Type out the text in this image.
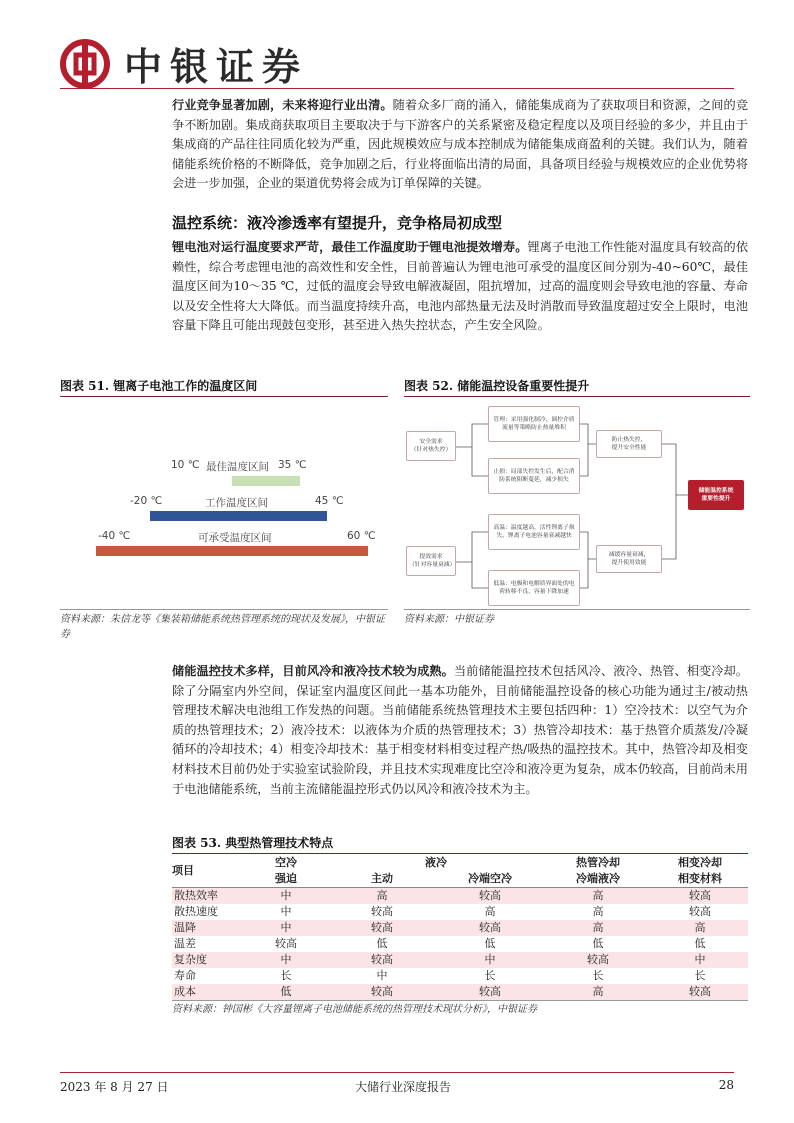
中银证券
行业竞争显著加剧，未来将迎行业出清。随着众多厂商的涌入，储能集成商为了获取项目和资源，之间的竞争不断加剧。集成商获取项目主要取决于与下游客户的关系紧密及稳定程度以及项目经验的多少，并且由于集成商的产品往往同质化较为严重，因此规模效应与成本控制成为储能集成商盈利的关键。我们认为，随着储能系统价格的不断降低，竞争加剧之后，行业将面临出清的局面，具备项目经验与规模效应的企业优势将会进一步加强，企业的渠道优势将会成为订单保障的关键。
温控系统：液冷渗透率有望提升，竞争格局初成型
锂电池对运行温度要求严苛，最佳工作温度助于锂电池提效增寿。锂离子电池工作性能对温度具有较高的依赖性，综合考虑锂电池的高效性和安全性，目前普遍认为锂电池可承受的温度区间分别为-40~60℃，最佳温度区间为10～35 ℃，过低的温度会导致电解液凝固，阻抗增加，过高的温度则会导致电池的容量、寿命以及安全性将大大降低。而当温度持续升高，电池内部热量无法及时消散而导致温度超过安全上限时，电池容量下降且可能出现鼓包变形，甚至进入热失控状态，产生安全风险。
图表 51. 锂离子电池工作的温度区间
10 ℃ 最佳温度区间 35 ℃
-20 ℃	工作温度区间	45 ℃
-40 ℃	可承受温度区间	60 ℃
资料来源：朱信龙等《集装箱储能系统热管理系统的现状及发展》，中银证券
图表 52. 储能温控设备重要性提升
安全需求
（针对热失控）
管理：采用强化制冷、调控介质流量等策略防止热量堆积
止损：局部失控发生后，配合消防系统阻断蔓延，减少损失
防止热失控，
提升安全性能
提效需求
（针对容量衰减）
高温：温度越高，活性锂离子损失、锂离子电池容量衰减越快
低温：电极和电解质界面处的电荷转移不良，容量下降加速
减缓容量衰减，
提升使用效能
储能温控系统
重要性提升
资料来源：中银证券
储能温控技术多样，目前风冷和液冷技术较为成熟。当前储能温控技术包括风冷、液冷、热管、相变冷却。除了分隔室内外空间，保证室内温度区间此一基本功能外，目前储能温控设备的核心功能为通过主/被动热管理技术解决电池组工作发热的问题。当前储能系统热管理技术主要包括四种：1）空冷技术：以空气为介质的热管理技术；2）液冷技术：以液体为介质的热管理技术；3）热管冷却技术：基于热管介质蒸发/冷凝循环的冷却技术；4）相变冷却技术：基于相变材料相变过程产热/吸热的温控技术。其中，热管冷却及相变材料技术目前仍处于实验室试验阶段，并且技术实现难度比空冷和液冷更为复杂，成本仍较高，目前尚未用于电池储能系统，当前主流储能温控形式仍以风冷和液冷技术为主。
图表 53. 典型热管理技术特点
项目	空冷	液冷		热管冷却	相变冷却
	强迫	主动	冷端空冷	冷端液冷	相变材料
散热效率	中	高	较高	高	较高
散热速度	中	较高	高	高	较高
温降	中	较高	较高	高	高
温差	较高	低	低	低	低
复杂度	中	较高	中	较高	中
寿命	长	中	长	长	长
成本	低	较高	较高	高	较高
资料来源：钟国彬《大容量锂离子电池储能系统的热管理技术现状分析》，中银证券
2023 年 8 月 27 日	大储行业深度报告	28
